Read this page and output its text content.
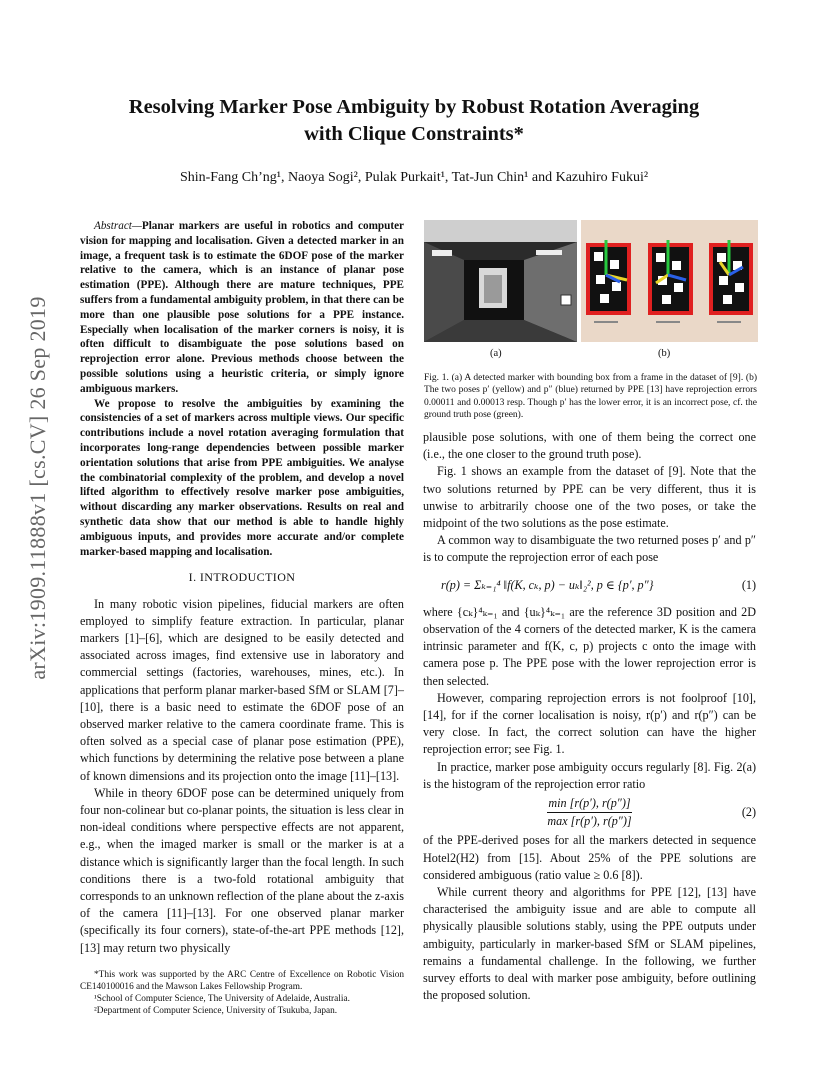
arXiv:1909.11888v1 [cs.CV] 26 Sep 2019
Resolving Marker Pose Ambiguity by Robust Rotation Averaging
with Clique Constraints*
Shin-Fang Ch’ng¹, Naoya Sogi², Pulak Purkait¹, Tat-Jun Chin¹ and Kazuhiro Fukui²

Abstract—Planar markers are useful in robotics and computer vision for mapping and localisation. Given a detected marker in an image, a frequent task is to estimate the 6DOF pose of the marker relative to the camera, which is an instance of planar pose estimation (PPE). Although there are mature techniques, PPE suffers from a fundamental ambiguity problem, in that there can be more than one plausible pose solutions for a PPE instance. Especially when localisation of the marker corners is noisy, it is often difficult to disambiguate the pose solutions based on reprojection error alone. Previous methods choose between the possible solutions using a heuristic criteria, or simply ignore ambiguous markers.

We propose to resolve the ambiguities by examining the consistencies of a set of markers across multiple views. Our specific contributions include a novel rotation averaging formulation that incorporates long-range dependencies between possible marker orientation solutions that arise from PPE ambiguities. We analyse the combinatorial complexity of the problem, and develop a novel lifted algorithm to effectively resolve marker pose ambiguities, without discarding any marker observations. Results on real and synthetic data show that our method is able to handle highly ambiguous inputs, and provides more accurate and/or complete marker-based mapping and localisation.

I. INTRODUCTION

In many robotic vision pipelines, fiducial markers are often employed to simplify feature extraction. In particular, planar markers [1]–[6], which are designed to be easily detected and associated across images, find extensive use in laboratory and commercial settings (factories, warehouses, mines, etc.). In applications that perform planar marker-based SfM or SLAM [7]–[10], there is a basic need to estimate the 6DOF pose of an observed marker relative to the camera coordinate frame. This is often solved as a special case of planar pose estimation (PPE), which functions by determining the relative pose between a plane of known dimensions and its projection onto the image [11]–[13].

While in theory 6DOF pose can be determined uniquely from four non-colinear but co-planar points, the situation is less clear in non-ideal conditions where perspective effects are not apparent, e.g., when the imaged marker is small or the marker is at a distance which is significantly larger than the focal length. In such conditions there is a two-fold rotational ambiguity that corresponds to an unknown reflection of the plane about the z-axis of the camera [11]–[13]. For one observed planar marker (specifically its four corners), state-of-the-art PPE methods [12], [13] may return two physically

*This work was supported by the ARC Centre of Excellence on Robotic Vision CE140100016 and the Mawson Lakes Fellowship Program.

¹School of Computer Science, The University of Adelaide, Australia.

²Department of Computer Science, University of Tsukuba, Japan.

(a)	(b)
Fig. 1. (a) A detected marker with bounding box from a frame in the dataset of [9]. (b) The two poses p′ (yellow) and p″ (blue) returned by PPE [13] have reprojection errors 0.00011 and 0.00013 resp. Though p′ has the lower error, it is an incorrect pose, cf. the ground truth pose (green).

plausible pose solutions, with one of them being the correct one (i.e., the one closer to the ground truth pose).

Fig. 1 shows an example from the dataset of [9]. Note that the two solutions returned by PPE can be very different, thus it is unwise to arbitrarily choose one of the two poses, or take the midpoint of the two solutions as the pose estimate.

A common way to disambiguate the two returned poses p′ and p″ is to compute the reprojection error of each pose

r(p) = Σₖ₌₁⁴ ‖f(K, cₖ, p) − uₖ‖₂², p ∈ {p′, p″}	(1)

where {cₖ}⁴ₖ₌₁ and {uₖ}⁴ₖ₌₁ are the reference 3D position and 2D observation of the 4 corners of the detected marker, K is the camera intrinsic parameter and f(K, c, p) projects c onto the image with camera pose p. The PPE pose with the lower reprojection error is then selected.

However, comparing reprojection errors is not foolproof [10], [14], for if the corner localisation is noisy, r(p′) and r(p″) can be very close. In fact, the correct solution can have the higher reprojection error; see Fig. 1.

In practice, marker pose ambiguity occurs regularly [8]. Fig. 2(a) is the histogram of the reprojection error ratio

min [r(p′), r(p″)]
max [r(p′), r(p″)]
(2)

of the PPE-derived poses for all the markers detected in sequence Hotel2(H2) from [15]. About 25% of the PPE solutions are considered ambiguous (ratio value ≥ 0.6 [8]).

While current theory and algorithms for PPE [12], [13] have characterised the ambiguity issue and are able to compute all physically plausible solutions stably, using the PPE outputs under ambiguity, particularly in marker-based SfM or SLAM pipelines, remains a fundamental challenge. In the following, we further survey efforts to deal with marker pose ambiguity, before outlining the proposed solution.
